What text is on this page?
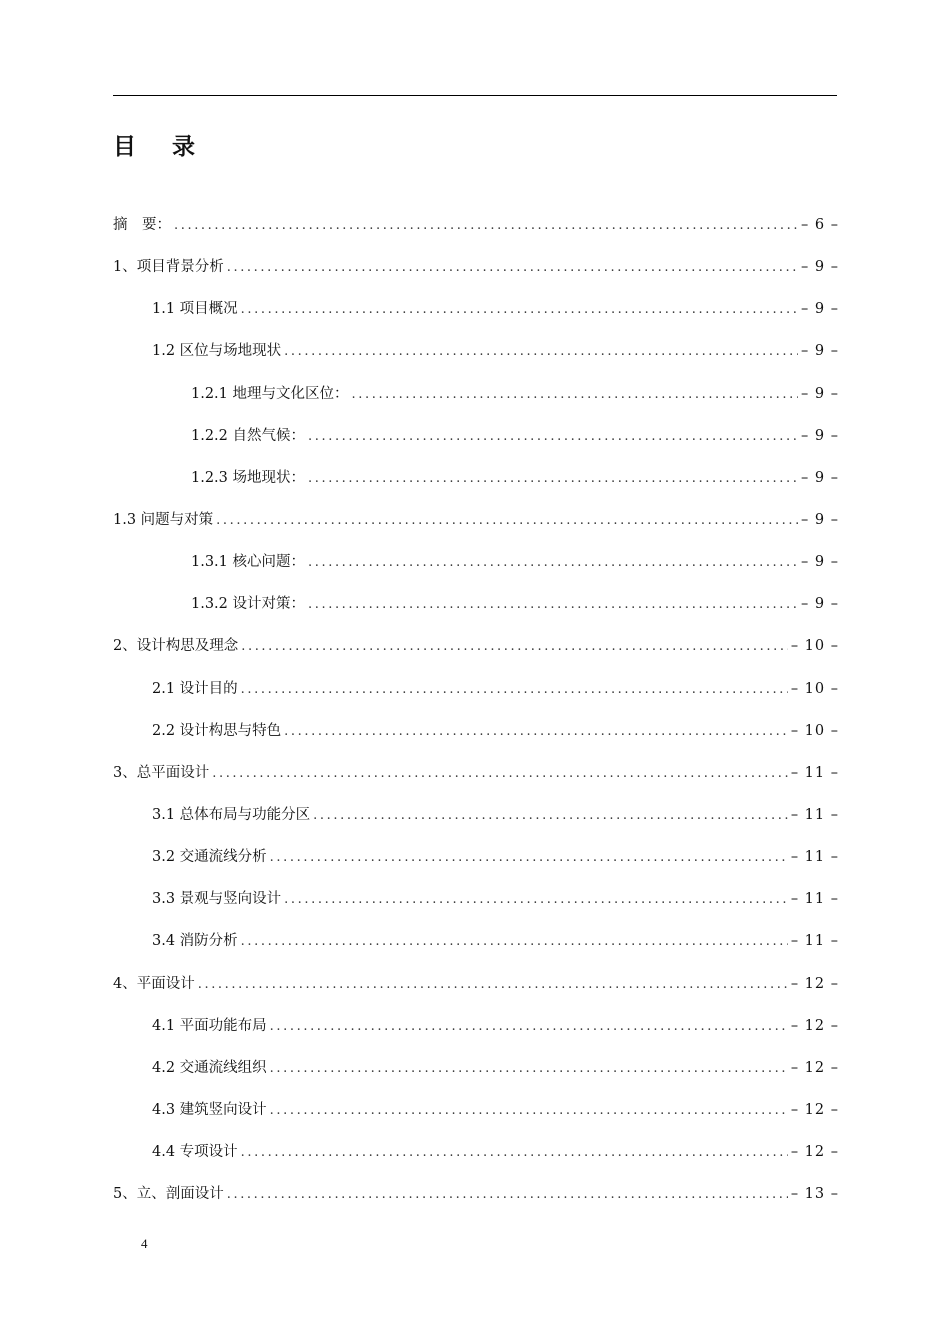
目 录
摘　要： .....	– 6 –
1、项目背景分析 .....	– 9 –
1.1 项目概况 .....	– 9 –
1.2 区位与场地现状 .....	– 9 –
1.2.1 地理与文化区位： .....	– 9 –
1.2.2 自然气候： .....	– 9 –
1.2.3 场地现状： .....	– 9 –
1.3 问题与对策 .....	– 9 –
1.3.1 核心问题： .....	– 9 –
1.3.2 设计对策： .....	– 9 –
2、设计构思及理念 .....	– 10 –
2.1 设计目的 .....	– 10 –
2.2 设计构思与特色 .....	– 10 –
3、总平面设计 .....	– 11 –
3.1 总体布局与功能分区 .....	– 11 –
3.2 交通流线分析 .....	– 11 –
3.3 景观与竖向设计 .....	– 11 –
3.4 消防分析 .....	– 11 –
4、平面设计 .....	– 12 –
4.1 平面功能布局 .....	– 12 –
4.2 交通流线组织 .....	– 12 –
4.3 建筑竖向设计 .....	– 12 –
4.4 专项设计 .....	– 12 –
5、立、剖面设计 .....	– 13 –
4
